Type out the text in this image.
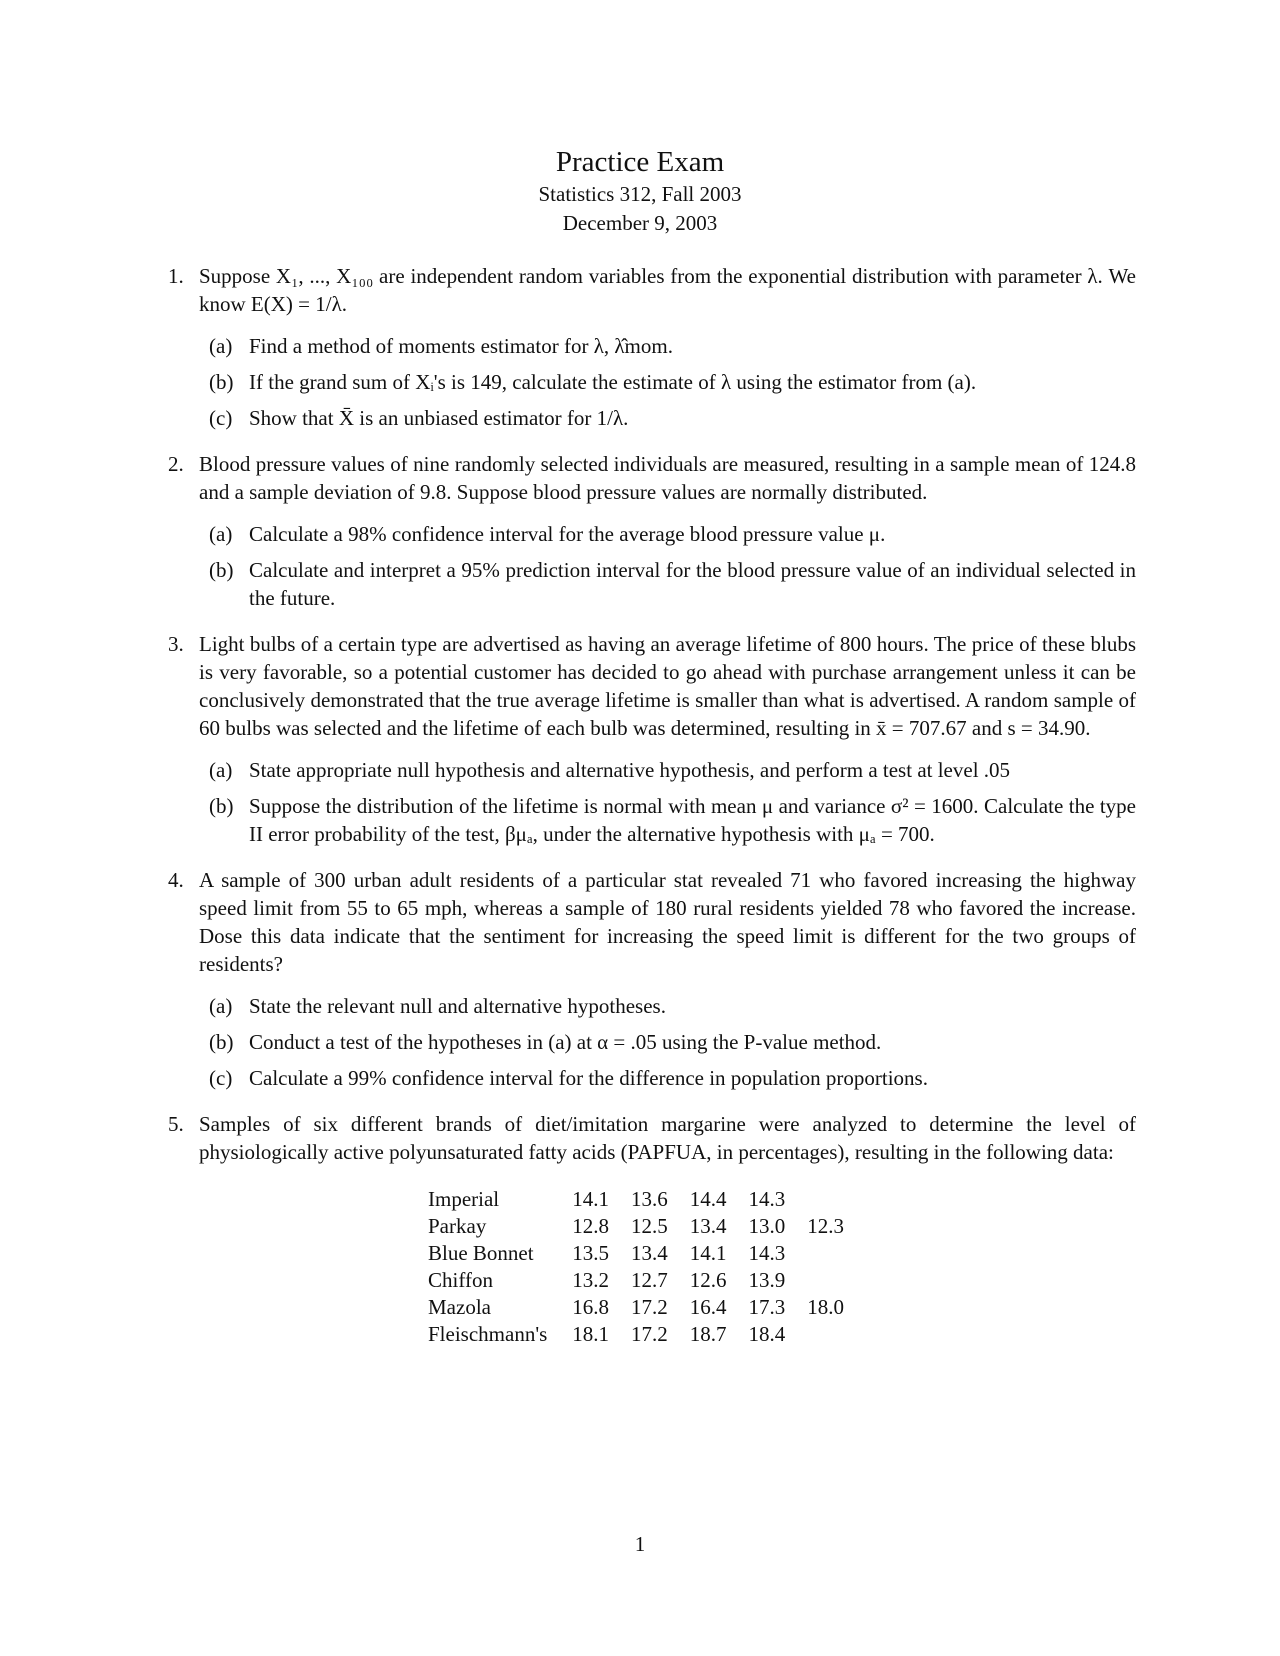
Practice Exam
Statistics 312, Fall 2003
December 9, 2003
1. Suppose X₁, ..., X₁₀₀ are independent random variables from the exponential distribution with parameter λ. We know E(X) = 1/λ.
(a) Find a method of moments estimator for λ, λ̂mom.
(b) If the grand sum of Xᵢ's is 149, calculate the estimate of λ using the estimator from (a).
(c) Show that X̄ is an unbiased estimator for 1/λ.
2. Blood pressure values of nine randomly selected individuals are measured, resulting in a sample mean of 124.8 and a sample deviation of 9.8. Suppose blood pressure values are normally distributed.
(a) Calculate a 98% confidence interval for the average blood pressure value μ.
(b) Calculate and interpret a 95% prediction interval for the blood pressure value of an individual selected in the future.
3. Light bulbs of a certain type are advertised as having an average lifetime of 800 hours. The price of these blubs is very favorable, so a potential customer has decided to go ahead with purchase arrangement unless it can be conclusively demonstrated that the true average lifetime is smaller than what is advertised. A random sample of 60 bulbs was selected and the lifetime of each bulb was determined, resulting in x̄ = 707.67 and s = 34.90.
(a) State appropriate null hypothesis and alternative hypothesis, and perform a test at level .05
(b) Suppose the distribution of the lifetime is normal with mean μ and variance σ² = 1600. Calculate the type II error probability of the test, βμₐ, under the alternative hypothesis with μₐ = 700.
4. A sample of 300 urban adult residents of a particular stat revealed 71 who favored increasing the highway speed limit from 55 to 65 mph, whereas a sample of 180 rural residents yielded 78 who favored the increase. Dose this data indicate that the sentiment for increasing the speed limit is different for the two groups of residents?
(a) State the relevant null and alternative hypotheses.
(b) Conduct a test of the hypotheses in (a) at α = .05 using the P-value method.
(c) Calculate a 99% confidence interval for the difference in population proportions.
5. Samples of six different brands of diet/imitation margarine were analyzed to determine the level of physiologically active polyunsaturated fatty acids (PAPFUA, in percentages), resulting in the following data:
Imperial	14.1	13.6	14.4	14.3	
Parkay	12.8	12.5	13.4	13.0	12.3
Blue Bonnet	13.5	13.4	14.1	14.3	
Chiffon	13.2	12.7	12.6	13.9	
Mazola	16.8	17.2	16.4	17.3	18.0
Fleischmann's	18.1	17.2	18.7	18.4	
1
